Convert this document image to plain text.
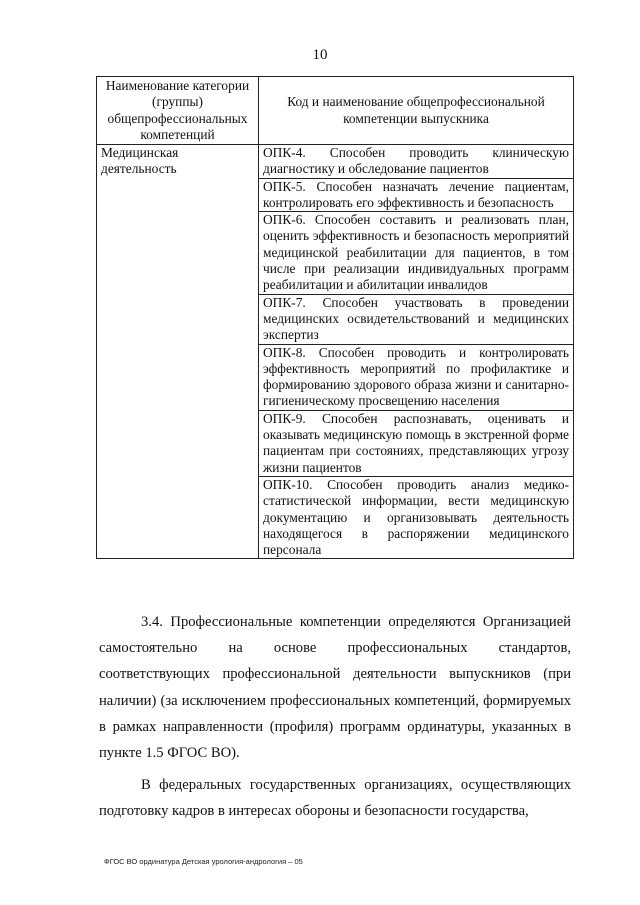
10
Наименование категории (группы) общепрофессиональных компетенций	Код и наименование общепрофессиональной компетенции выпускника
Медицинская деятельность	ОПК-4. Способен проводить клиническую диагностику и обследование пациентов
	ОПК-5. Способен назначать лечение пациентам, контролировать его эффективность и безопасность
	ОПК-6. Способен составить и реализовать план, оценить эффективность и безопасность мероприятий медицинской реабилитации для пациентов, в том числе при реализации индивидуальных программ реабилитации и абилитации инвалидов
	ОПК-7. Способен участвовать в проведении медицинских освидетельствований и медицинских экспертиз
	ОПК-8. Способен проводить и контролировать эффективность мероприятий по профилактике и формированию здорового образа жизни и санитарно-гигиеническому просвещению населения
	ОПК-9. Способен распознавать, оценивать и оказывать медицинскую помощь в экстренной форме пациентам при состояниях, представляющих угрозу жизни пациентов
	ОПК-10. Способен проводить анализ медико-статистической информации, вести медицинскую документацию и организовывать деятельность находящегося в распоряжении медицинского персонала

3.4. Профессиональные компетенции определяются Организацией самостоятельно на основе профессиональных стандартов, соответствующих профессиональной деятельности выпускников (при наличии) (за исключением профессиональных компетенций, формируемых в рамках направленности (профиля) программ ординатуры, указанных в пункте 1.5 ФГОС ВО).

В федеральных государственных организациях, осуществляющих подготовку кадров в интересах обороны и безопасности государства,

ФГОС ВО ординатура Детская урология-андрология – 05
